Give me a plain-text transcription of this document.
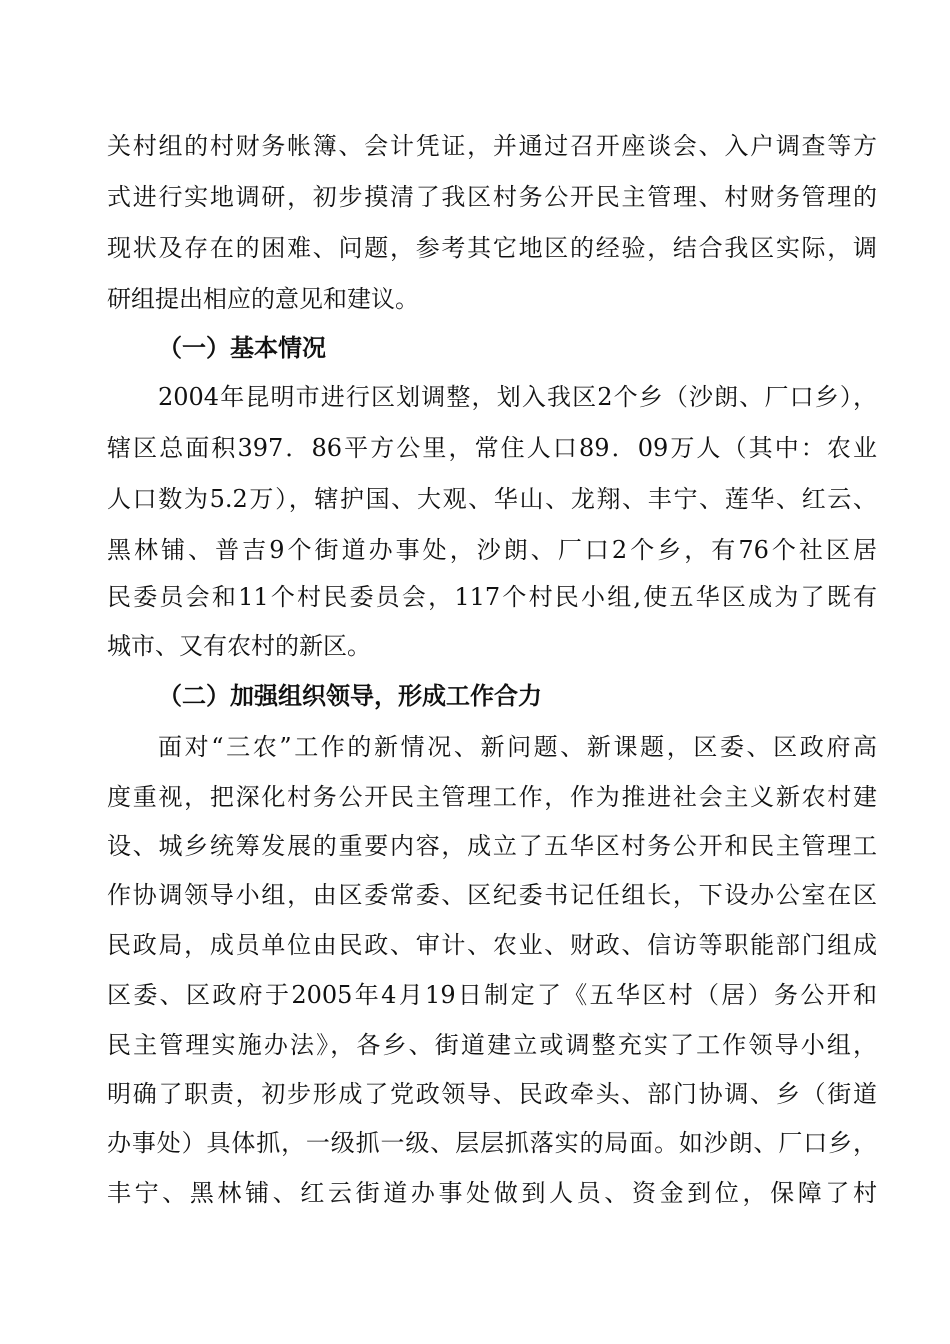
关村组的村财务帐簿、会计凭证，并通过召开座谈会、入户调查等方
式进行实地调研，初步摸清了我区村务公开民主管理、村财务管理的
现状及存在的困难、问题，参考其它地区的经验，结合我区实际，调
研组提出相应的意见和建议。
（一）基本情况
2004年昆明市进行区划调整，划入我区2个乡（沙朗、厂口乡），
辖区总面积397．86平方公里，常住人口89．09万人（其中：农业
人口数为5.2万），辖护国、大观、华山、龙翔、丰宁、莲华、红云、
黑林铺、普吉9个街道办事处，沙朗、厂口2个乡，有76个社区居
民委员会和11个村民委员会，117个村民小组,使五华区成为了既有
城市、又有农村的新区。
（二）加强组织领导，形成工作合力
面对“三农”工作的新情况、新问题、新课题，区委、区政府高
度重视，把深化村务公开民主管理工作，作为推进社会主义新农村建
设、城乡统筹发展的重要内容，成立了五华区村务公开和民主管理工
作协调领导小组，由区委常委、区纪委书记任组长，下设办公室在区
民政局，成员单位由民政、审计、农业、财政、信访等职能部门组成
区委、区政府于2005年4月19日制定了《五华区村（居）务公开和
民主管理实施办法》，各乡、街道建立或调整充实了工作领导小组，
明确了职责，初步形成了党政领导、民政牵头、部门协调、乡（街道
办事处）具体抓，一级抓一级、层层抓落实的局面。如沙朗、厂口乡，
丰宁、黑林铺、红云街道办事处做到人员、资金到位，保障了村
